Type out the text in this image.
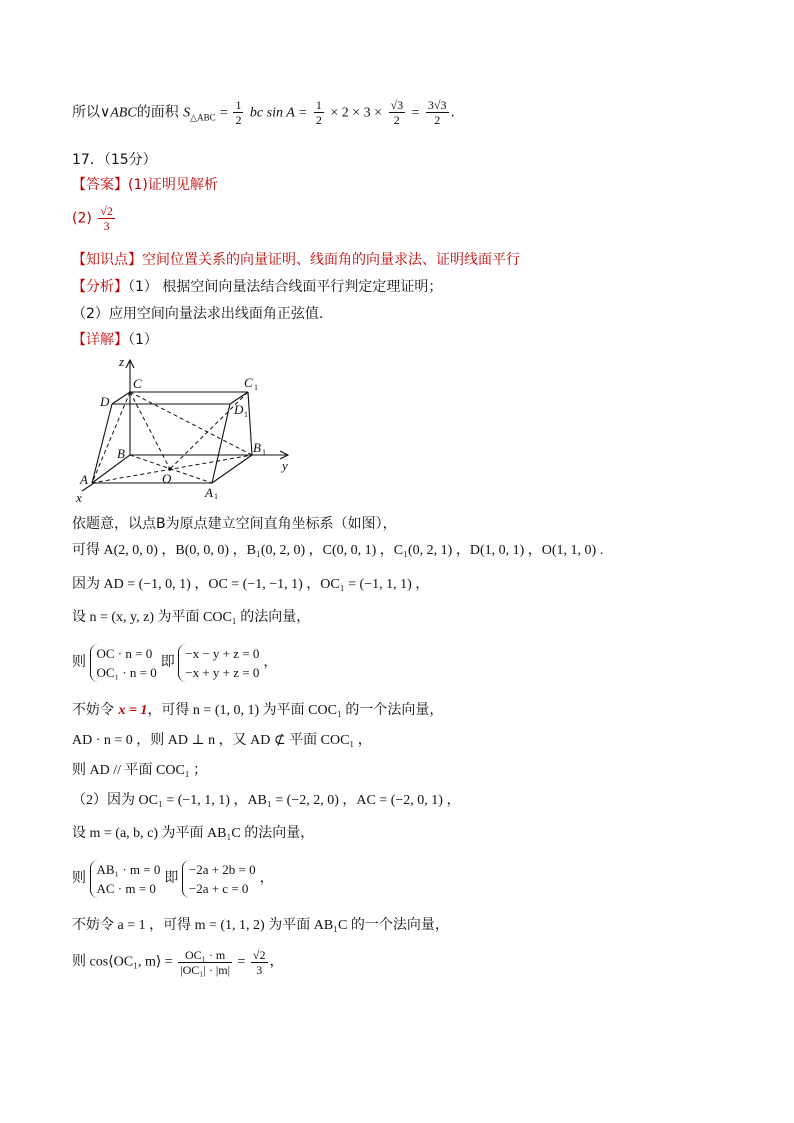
所以∨ABC的面积 $S_{\triangle ABC} = \frac{1}{2}$ bc $\sin A = \frac{1}{2} \times 2 \times 3 \times \frac{√3}{2} = \frac{3√3}{2}$ .
17．（15分）
【答案】(1)证明见解析
$(2) \frac{√2}{3}$
【知识点】空间位置关系的向量证明、线面角的向量求法、证明线面平行
【分析】（1） 根据空间向量法结合线面平行判定定理证明；
（2）应用空间向量法求出线面角正弦值.
【详解】（1）
z
y
x
C	C 1
D
D 1
B	B 1
A	O
A 1
依题意，以点B为原点建立空间直角坐标系（如图），
可得 A(2, 0, 0) ，B(0, 0, 0) ，B₁(0, 2, 0) ，C(0, 0, 1) ，C₁(0, 2, 1) ，D(1, 0, 1) ，O(1, 1, 0) .
因为 AD = (−1, 0, 1) ，OC = (−1, −1, 1) ，OC₁ = (−1, 1, 1) ，
设 n = (x, y, z) 为平面 COC₁ 的法向量，
则
OC · n = 0
OC₁ · n = 0
即
−x − y + z = 0
−x + y + z = 0
，
不妨令 x = 1，可得 n = (1, 0, 1) 为平面 COC₁ 的一个法向量，
AD · n = 0 ，则 AD ⊥ n ，又 AD ⊄ 平面 COC₁ ，
则 AD // 平面 COC₁ ；
（2）因为 OC₁ = (−1, 1, 1) ，AB₁ = (−2, 2, 0) ，AC = (−2, 0, 1) ，
设 m = (a, b, c) 为平面 AB₁C 的法向量，
则
AB₁ · m = 0
AC · m = 0
即
−2a + 2b = 0
−2a + c = 0
，
不妨令 a = 1 ，可得 m = (1, 1, 2) 为平面 AB₁C 的一个法向量，
则 cos⟨OC₁, m⟩ = $\frac{\text{OC₁ · m}}{\text{|OC₁| · |m|}} = \frac{√2}{3}$ ，
